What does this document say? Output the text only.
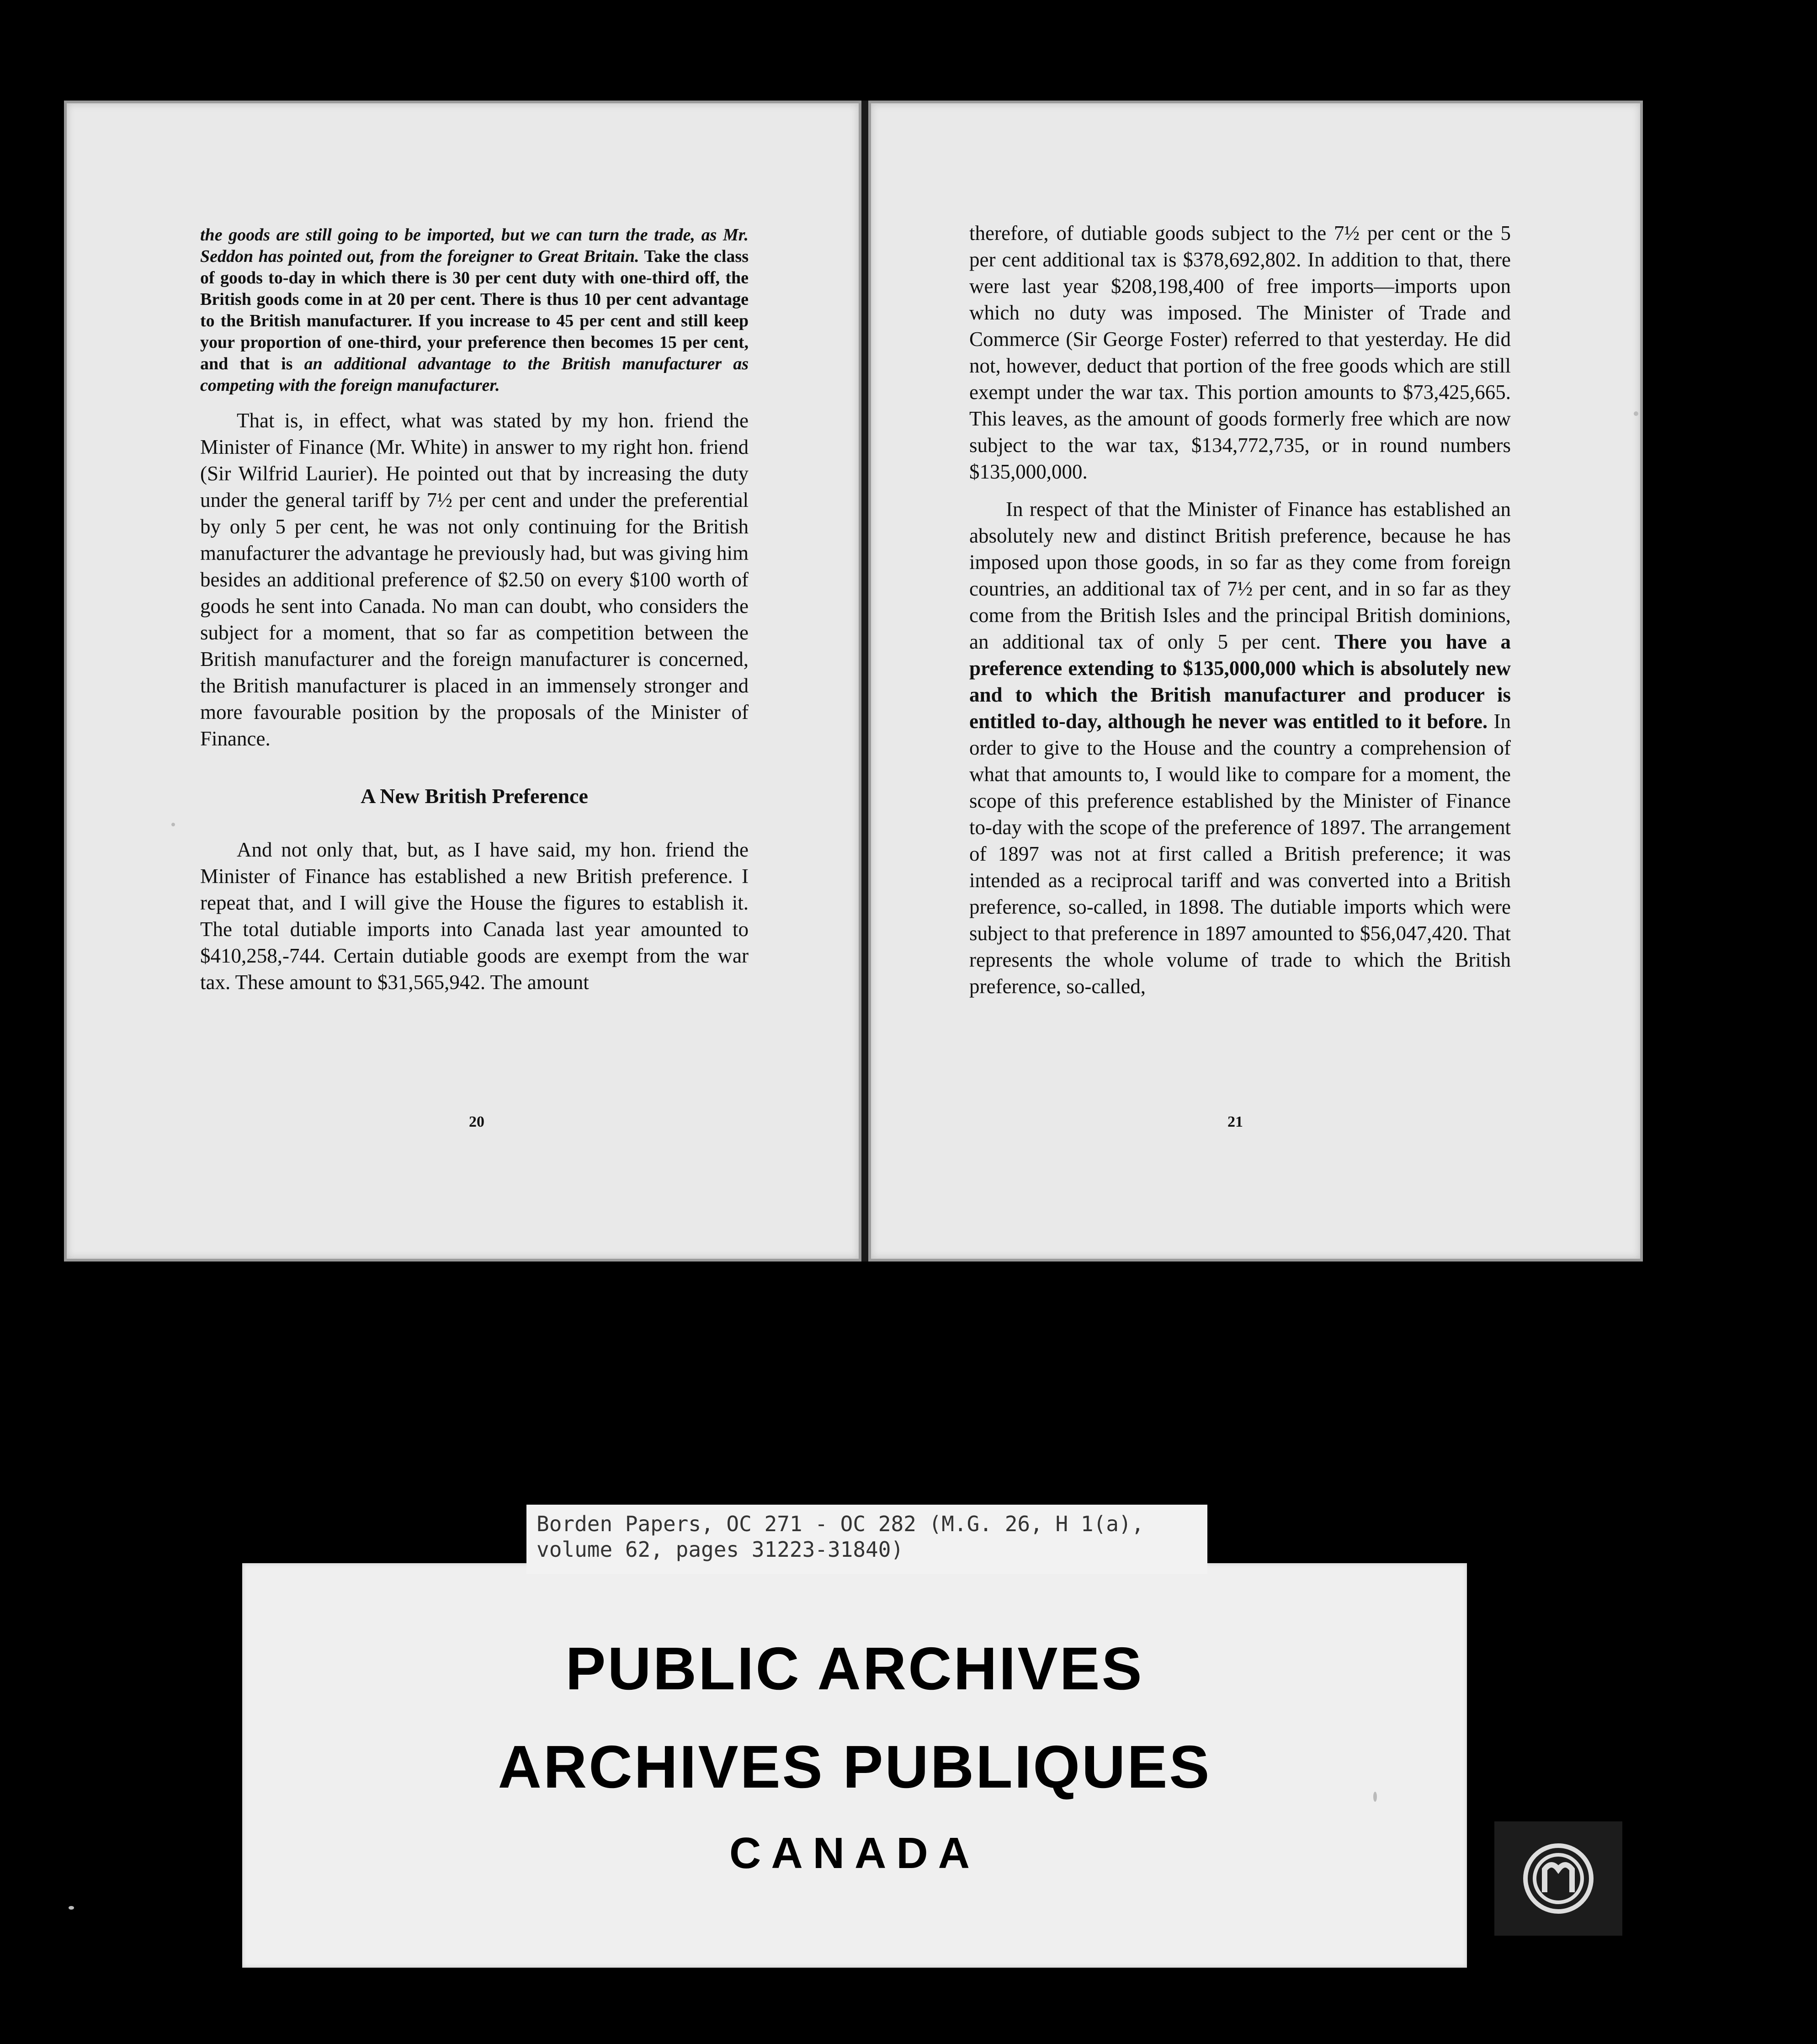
the goods are still going to be imported, but we can turn the trade, as Mr. Seddon has pointed out, from the foreigner to Great Britain. Take the class of goods to-day in which there is 30 per cent duty with one-third off, the British goods come in at 20 per cent. There is thus 10 per cent advantage to the British manufacturer. If you increase to 45 per cent and still keep your proportion of one-third, your preference then becomes 15 per cent, and that is an additional advantage to the British manufacturer as competing with the foreign manufacturer.

That is, in effect, what was stated by my hon. friend the Minister of Finance (Mr. White) in answer to my right hon. friend (Sir Wilfrid Laurier). He pointed out that by increasing the duty under the general tariff by 7½ per cent and under the preferential by only 5 per cent, he was not only continuing for the British manufacturer the advantage he previously had, but was giving him besides an additional preference of $2.50 on every $100 worth of goods he sent into Canada. No man can doubt, who considers the subject for a moment, that so far as competition between the British manufacturer and the foreign manufacturer is concerned, the British manufacturer is placed in an immensely stronger and more favourable position by the proposals of the Minister of Finance.

A New British Preference

And not only that, but, as I have said, my hon. friend the Minister of Finance has established a new British preference. I repeat that, and I will give the House the figures to establish it. The total dutiable imports into Canada last year amounted to $410,258,-744. Certain dutiable goods are exempt from the war tax. These amount to $31,565,942. The amount

20

therefore, of dutiable goods subject to the 7½ per cent or the 5 per cent additional tax is $378,692,802. In addition to that, there were last year $208,198,400 of free imports—imports upon which no duty was imposed. The Minister of Trade and Commerce (Sir George Foster) referred to that yesterday. He did not, however, deduct that portion of the free goods which are still exempt under the war tax. This portion amounts to $73,425,665. This leaves, as the amount of goods formerly free which are now subject to the war tax, $134,772,735, or in round numbers $135,000,000.

In respect of that the Minister of Finance has established an absolutely new and distinct British preference, because he has imposed upon those goods, in so far as they come from foreign countries, an additional tax of 7½ per cent, and in so far as they come from the British Isles and the principal British dominions, an additional tax of only 5 per cent. There you have a preference extending to $135,000,000 which is absolutely new and to which the British manufacturer and producer is entitled to-day, although he never was entitled to it before. In order to give to the House and the country a comprehension of what that amounts to, I would like to compare for a moment, the scope of this preference established by the Minister of Finance to-day with the scope of the preference of 1897. The arrangement of 1897 was not at first called a British preference; it was intended as a reciprocal tariff and was converted into a British preference, so-called, in 1898. The dutiable imports which were subject to that preference in 1897 amounted to $56,047,420. That represents the whole volume of trade to which the British preference, so-called,

21
PUBLIC ARCHIVES
ARCHIVES PUBLIQUES
CANADA
Borden Papers, OC 271 - OC 282 (M.G. 26, H 1(a),
volume 62, pages 31223-31840)
